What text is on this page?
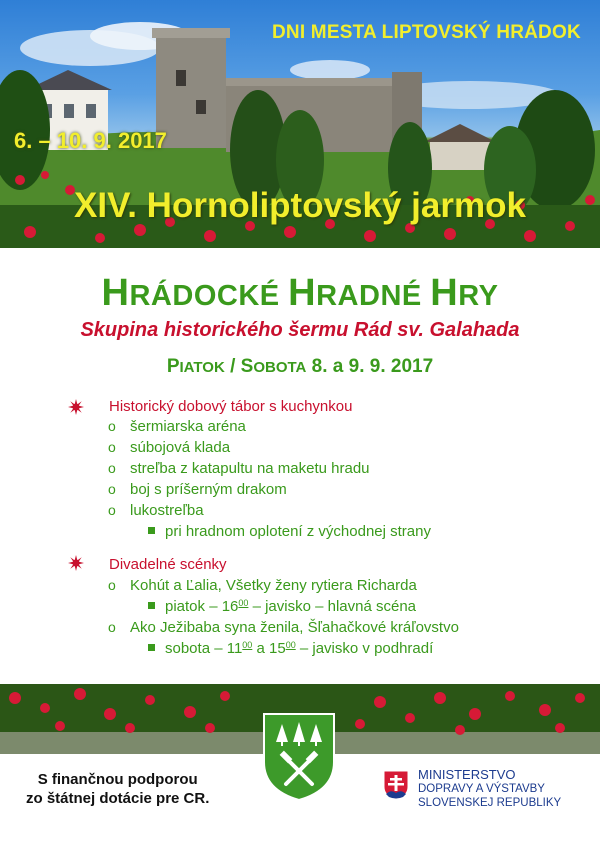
DNI MESTA LIPTOVSKÝ HRÁDOK
6. – 10. 9. 2017
XIV. Hornoliptovský jarmok
HRÁDOCKÉ HRADNÉ HRY
Skupina historického šermu Rád sv. Galahada
PIATOK / SOBOTA 8. a 9. 9. 2017
Historický dobový tábor s kuchynkou
o šermiarska aréna
o súbojová klada
o streľba z katapultu na maketu hradu
o boj s príšerným drakom
o lukostreľba
pri hradnom oplotení z východnej strany
Divadelné scénky
o Kohút a Ľalia, Všetky ženy rytiera Richarda
piatok – $16^{00}$ – javisko – hlavná scéna
o Ako Ježibaba syna ženila, Šľahačkové kráľovstvo
sobota – $11^{00}$ a $15^{00}$ – javisko v podhradí
S finančnou podporou
zo štátnej dotácie pre CR.
MINISTERSTVO
DOPRAVY A VÝSTAVBY
SLOVENSKEJ REPUBLIKY
